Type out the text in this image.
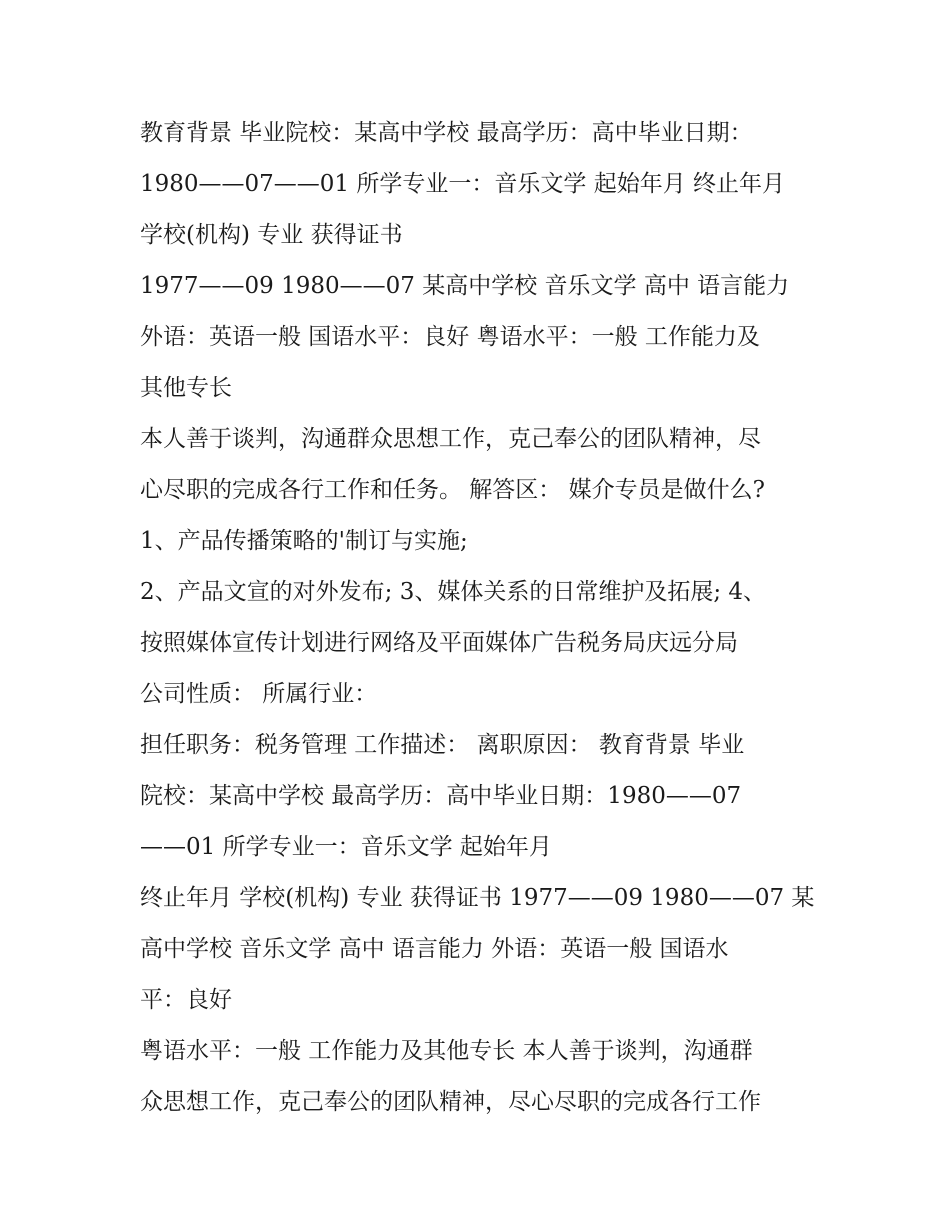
教育背景 毕业院校：某高中学校 最高学历：高中毕业日期：
1980——07——01 所学专业一：音乐文学 起始年月 终止年月
学校(机构) 专业 获得证书
1977——09 1980——07 某高中学校 音乐文学 高中 语言能力
外语：英语一般 国语水平：良好 粤语水平：一般 工作能力及
其他专长
本人善于谈判，沟通群众思想工作，克己奉公的团队精神，尽
心尽职的完成各行工作和任务。 解答区： 媒介专员是做什么?
1、产品传播策略的'制订与实施;
2、产品文宣的对外发布; 3、媒体关系的日常维护及拓展; 4、
按照媒体宣传计划进行网络及平面媒体广告税务局庆远分局
公司性质： 所属行业：
担任职务：税务管理 工作描述： 离职原因： 教育背景 毕业
院校：某高中学校 最高学历：高中毕业日期：1980——07
——01 所学专业一：音乐文学 起始年月
终止年月 学校(机构) 专业 获得证书 1977——09 1980——07 某
高中学校 音乐文学 高中 语言能力 外语：英语一般 国语水
平：良好
粤语水平：一般 工作能力及其他专长 本人善于谈判，沟通群
众思想工作，克己奉公的团队精神，尽心尽职的完成各行工作
